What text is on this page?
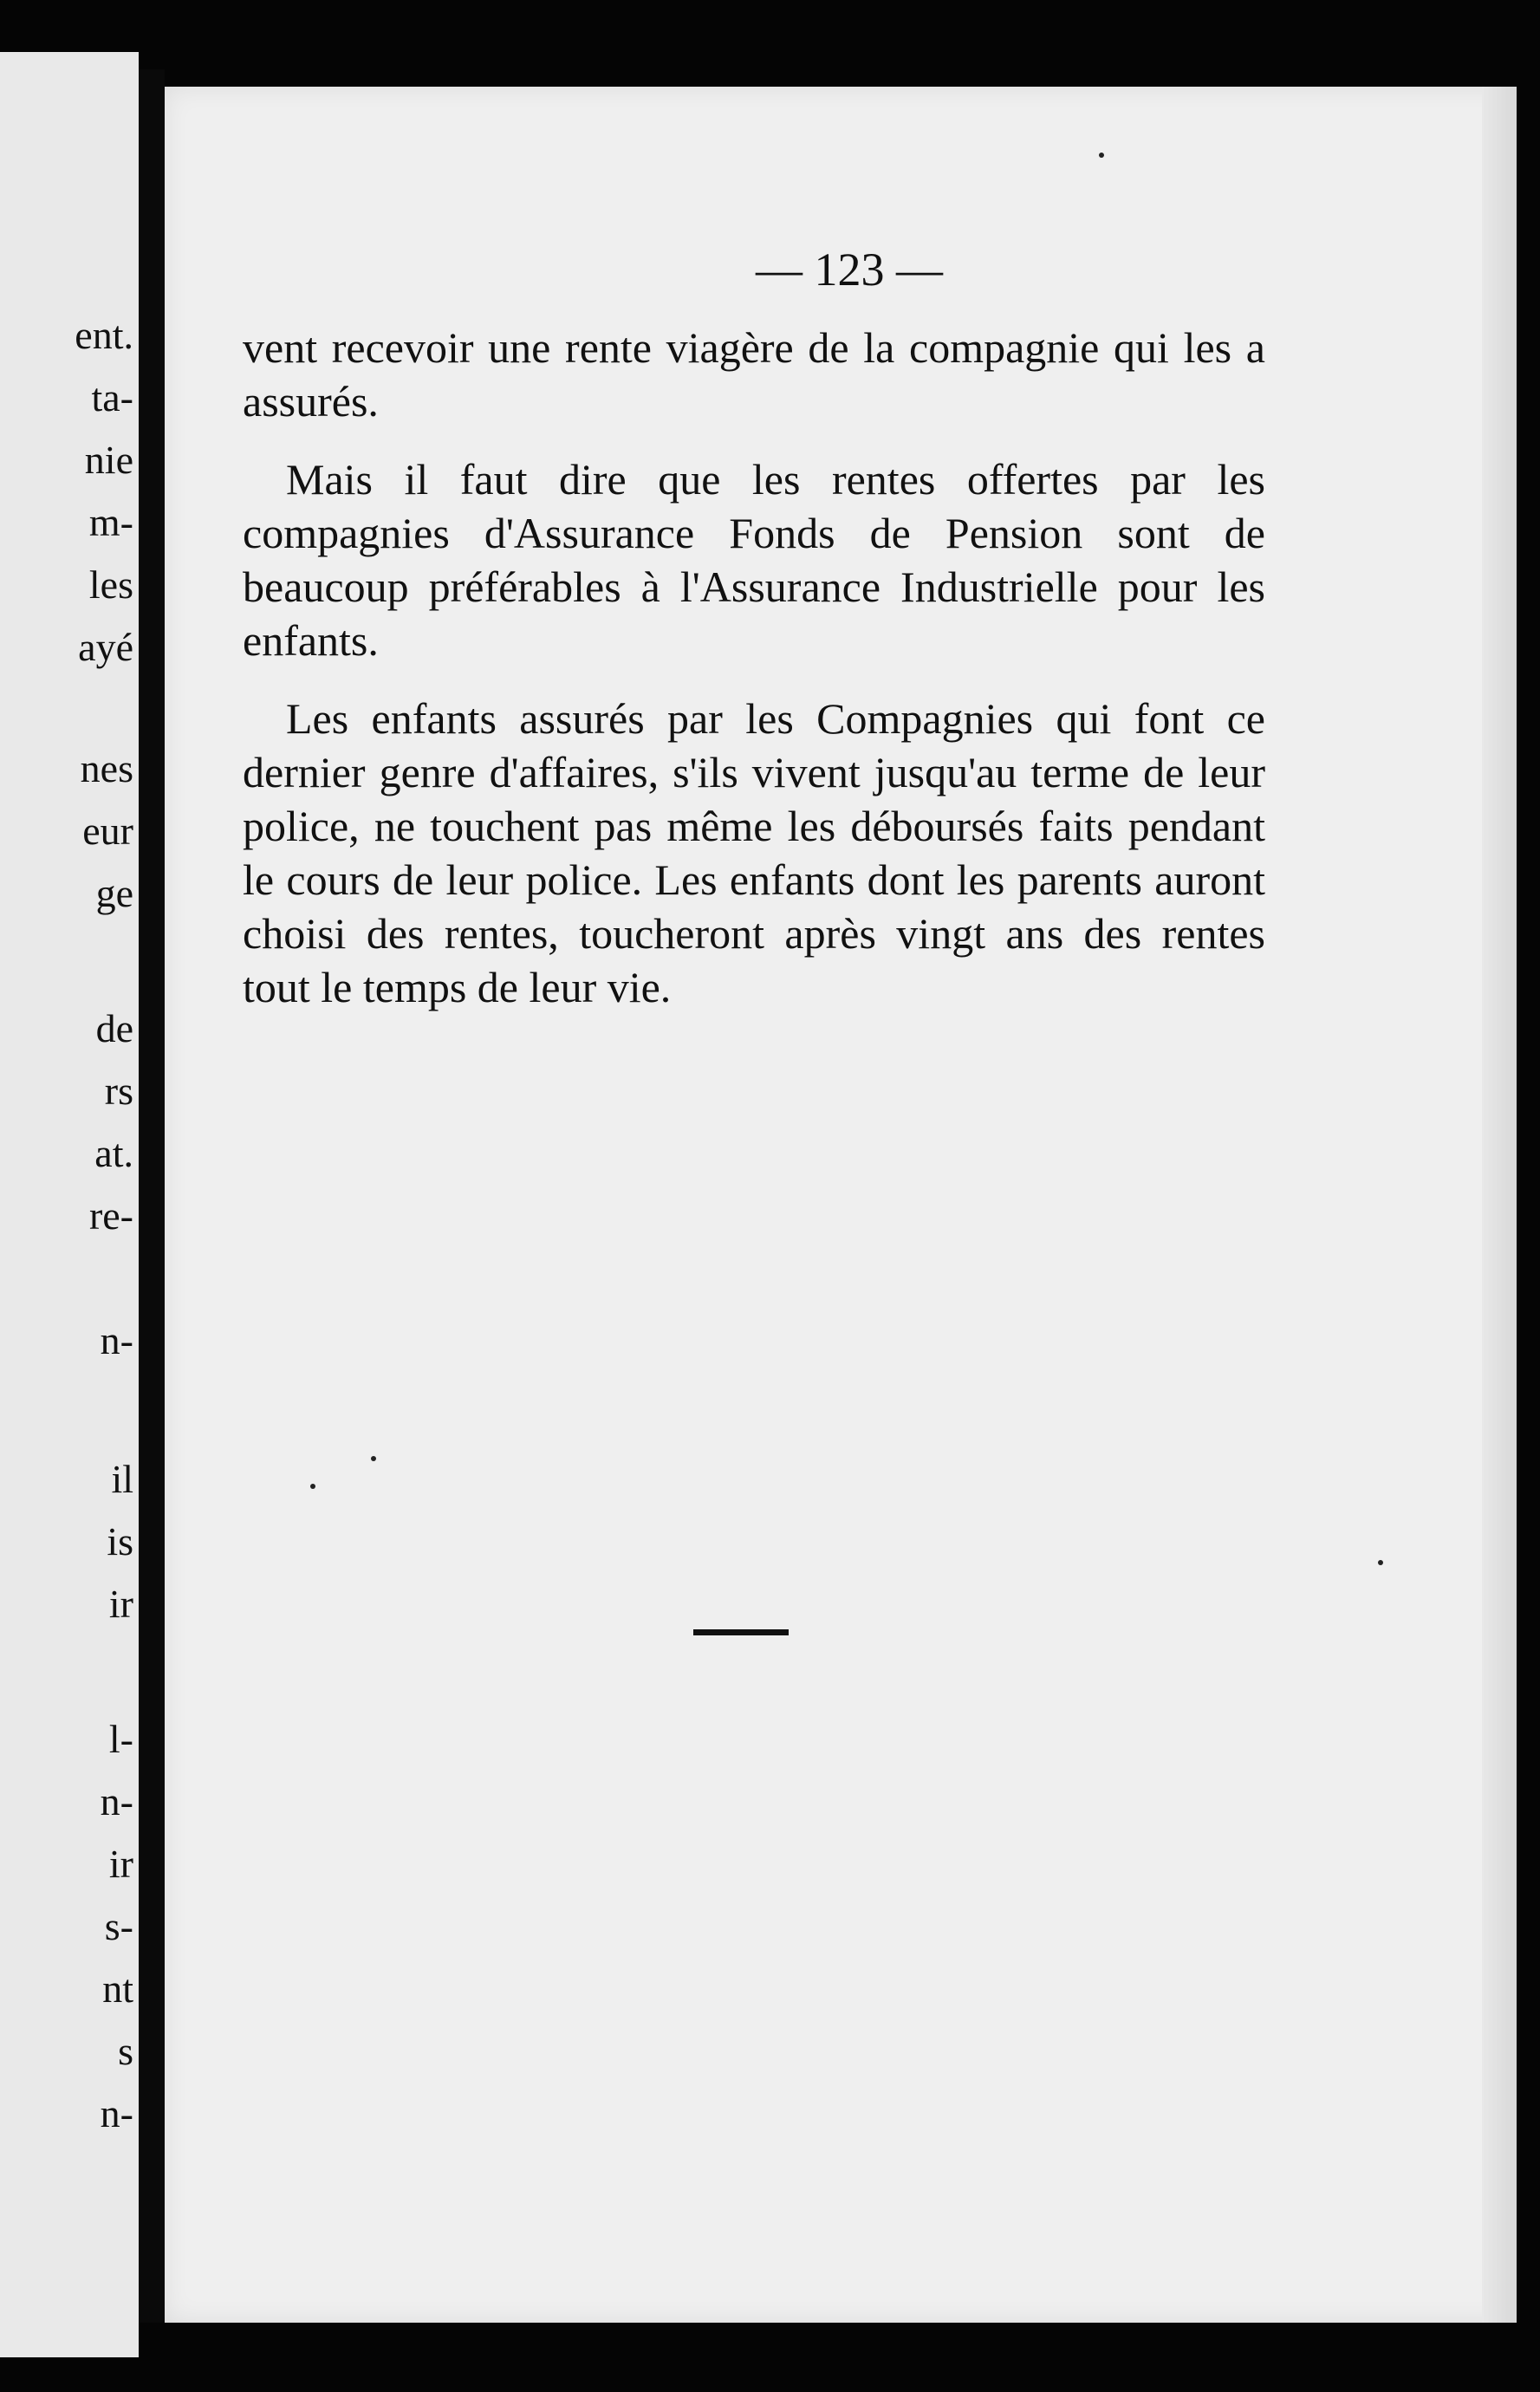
ent.
ta-
nie
m-
les
ayé
nes
eur
ge
de
rs
at.
re-
n-
il
is
ir
l-
n-
ir
s-
nt
s
n-
— 123 —

vent recevoir une rente viagère de la compagnie qui les a assurés.

Mais il faut dire que les rentes offertes par les compagnies d'Assurance Fonds de Pension sont de beaucoup préférables à l'Assurance Industrielle pour les enfants.

Les enfants assurés par les Compagnies qui font ce dernier genre d'affaires, s'ils vivent jusqu'au terme de leur police, ne touchent pas même les déboursés faits pendant le cours de leur police. Les enfants dont les parents auront choisi des rentes, toucheront après vingt ans des rentes tout le temps de leur vie.
